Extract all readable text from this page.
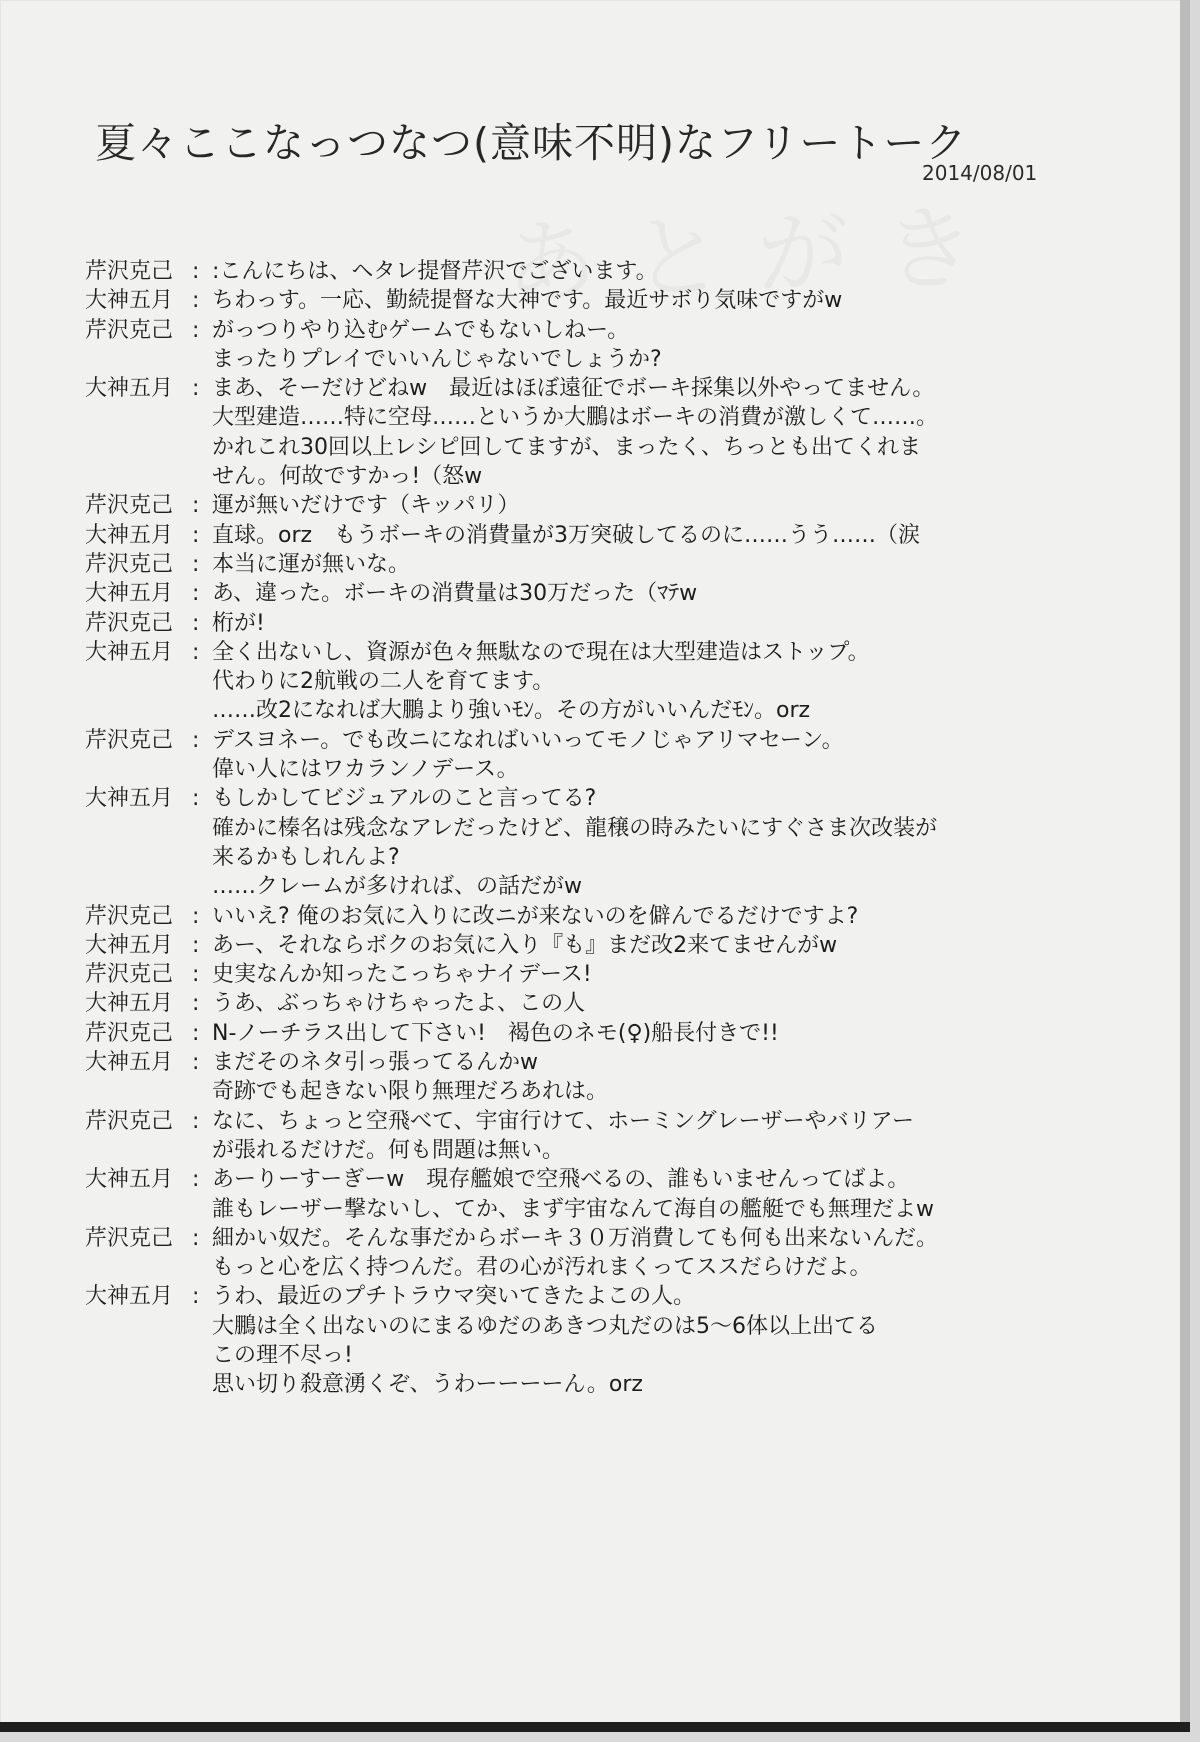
夏々ここなっつなつ(意味不明)なフリートーク
2014/08/01
芹沢克己 : :こんにちは、ヘタレ提督芹沢でございます。
大神五月 : ちわっす。一応、勤続提督な大神です。最近サボり気味ですがw
芹沢克己 : がっつりやり込むゲームでもないしねー。
まったりプレイでいいんじゃないでしょうか?
大神五月 : まあ、そーだけどねw　最近はほぼ遠征でボーキ採集以外やってません。
大型建造……特に空母……というか大鵬はボーキの消費が激しくて……。
かれこれ30回以上レシピ回してますが、まったく、ちっとも出てくれま
せん。何故ですかっ!（怒w
芹沢克己 : 運が無いだけです（キッパリ）
大神五月 : 直球。orz　もうボーキの消費量が3万突破してるのに……うう……（涙
芹沢克己 : 本当に運が無いな。
大神五月 : あ、違った。ボーキの消費量は30万だった（ﾏﾃw
芹沢克己 : 桁が!
大神五月 : 全く出ないし、資源が色々無駄なので現在は大型建造はストップ。
代わりに2航戦の二人を育てます。
……改2になれば大鵬より強いﾓﾝ。その方がいいんだﾓﾝ。orz
芹沢克己 : デスヨネー。でも改ニになればいいってモノじゃアリマセーン。
偉い人にはワカランノデース。
大神五月 : もしかしてビジュアルのこと言ってる?
確かに榛名は残念なアレだったけど、龍穣の時みたいにすぐさま次改装が
来るかもしれんよ?
……クレームが多ければ、の話だがw
芹沢克己 : いいえ? 俺のお気に入りに改ニが来ないのを僻んでるだけですよ?
大神五月 : あー、それならボクのお気に入り『も』まだ改2来てませんがw
芹沢克己 : 史実なんか知ったこっちゃナイデース!
大神五月 : うあ、ぶっちゃけちゃったよ、この人
芹沢克己 : N-ノーチラス出して下さい!　褐色のネモ(♀)船長付きで!!
大神五月 : まだそのネタ引っ張ってるんかw
奇跡でも起きない限り無理だろあれは。
芹沢克己 : なに、ちょっと空飛べて、宇宙行けて、ホーミングレーザーやバリアー
が張れるだけだ。何も問題は無い。
大神五月 : あーりーすーぎーw　現存艦娘で空飛べるの、誰もいませんってばよ。
誰もレーザー撃ないし、てか、まず宇宙なんて海自の艦艇でも無理だよw
芹沢克己 : 細かい奴だ。そんな事だからボーキ３０万消費しても何も出来ないんだ。
もっと心を広く持つんだ。君の心が汚れまくってススだらけだよ。
大神五月 : うわ、最近のプチトラウマ突いてきたよこの人。
大鵬は全く出ないのにまるゆだのあきつ丸だのは5〜6体以上出てる
この理不尽っ!
思い切り殺意湧くぞ、うわーーーーん。orz
